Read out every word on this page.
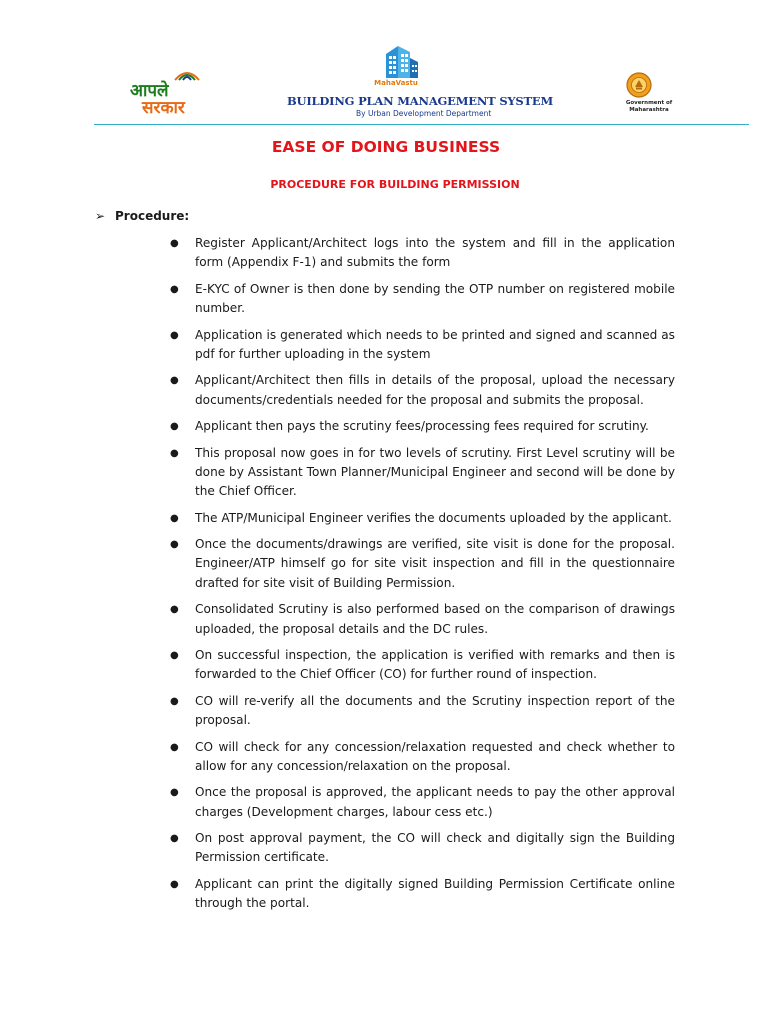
आपले
सरकार
MahaVastu
BUILDING PLAN MANAGEMENT SYSTEM
By Urban Development Department
Government of
Maharashtra
EASE OF DOING BUSINESS
PROCEDURE FOR BUILDING PERMISSION
➢ Procedure:
● Register Applicant/Architect logs into the system and fill in the application form (Appendix F-1) and submits the form
● E-KYC of Owner is then done by sending the OTP number on registered mobile number.
● Application is generated which needs to be printed and signed and scanned as pdf for further uploading in the system
● Applicant/Architect then fills in details of the proposal, upload the necessary documents/credentials needed for the proposal and submits the proposal.
● Applicant then pays the scrutiny fees/processing fees required for scrutiny.
● This proposal now goes in for two levels of scrutiny. First Level scrutiny will be done by Assistant Town Planner/Municipal Engineer and second will be done by the Chief Officer.
● The ATP/Municipal Engineer verifies the documents uploaded by the applicant.
● Once the documents/drawings are verified, site visit is done for the proposal. Engineer/ATP himself go for site visit inspection and fill in the questionnaire drafted for site visit of Building Permission.
● Consolidated Scrutiny is also performed based on the comparison of drawings uploaded, the proposal details and the DC rules.
● On successful inspection, the application is verified with remarks and then is forwarded to the Chief Officer (CO) for further round of inspection.
● CO will re-verify all the documents and the Scrutiny inspection report of the proposal.
● CO will check for any concession/relaxation requested and check whether to allow for any concession/relaxation on the proposal.
● Once the proposal is approved, the applicant needs to pay the other approval charges (Development charges, labour cess etc.)
● On post approval payment, the CO will check and digitally sign the Building Permission certificate.
● Applicant can print the digitally signed Building Permission Certificate online through the portal.
